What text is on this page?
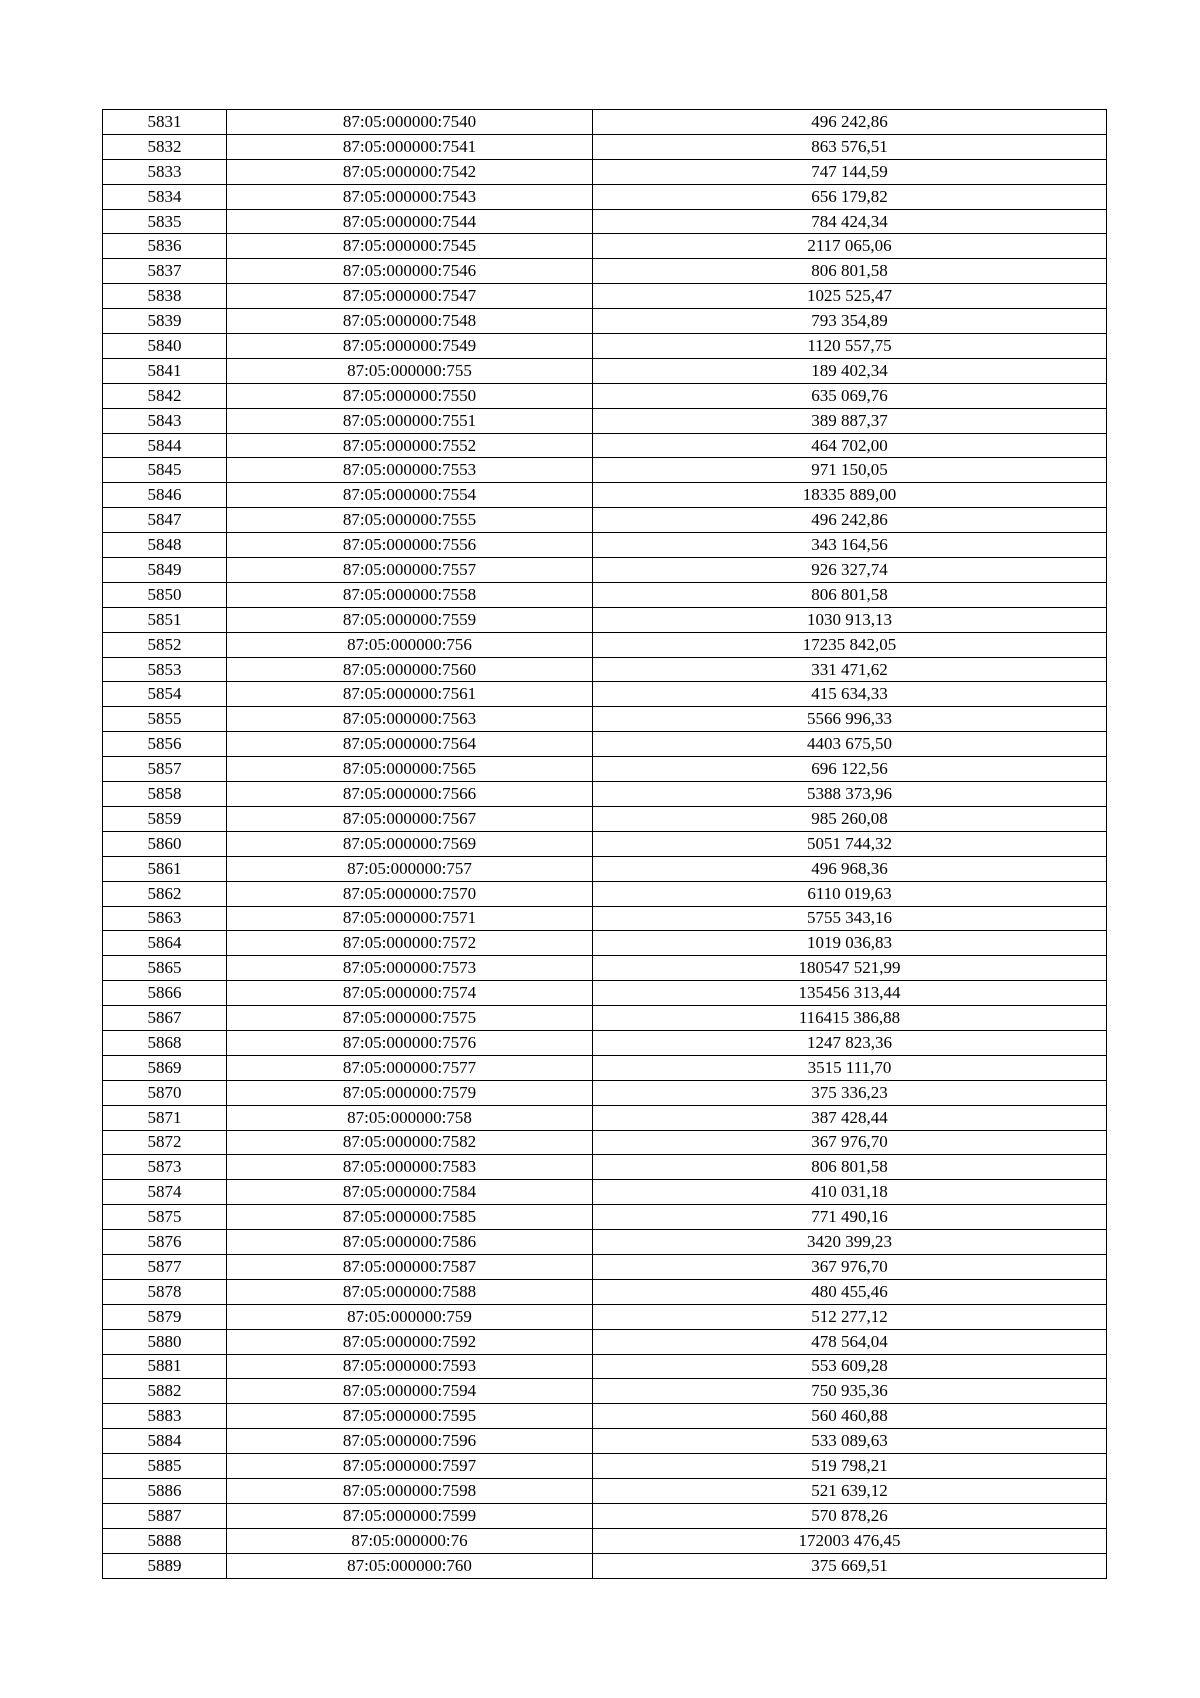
5831	87:05:000000:7540	496 242,86
5832	87:05:000000:7541	863 576,51
5833	87:05:000000:7542	747 144,59
5834	87:05:000000:7543	656 179,82
5835	87:05:000000:7544	784 424,34
5836	87:05:000000:7545	2117 065,06
5837	87:05:000000:7546	806 801,58
5838	87:05:000000:7547	1025 525,47
5839	87:05:000000:7548	793 354,89
5840	87:05:000000:7549	1120 557,75
5841	87:05:000000:755	189 402,34
5842	87:05:000000:7550	635 069,76
5843	87:05:000000:7551	389 887,37
5844	87:05:000000:7552	464 702,00
5845	87:05:000000:7553	971 150,05
5846	87:05:000000:7554	18335 889,00
5847	87:05:000000:7555	496 242,86
5848	87:05:000000:7556	343 164,56
5849	87:05:000000:7557	926 327,74
5850	87:05:000000:7558	806 801,58
5851	87:05:000000:7559	1030 913,13
5852	87:05:000000:756	17235 842,05
5853	87:05:000000:7560	331 471,62
5854	87:05:000000:7561	415 634,33
5855	87:05:000000:7563	5566 996,33
5856	87:05:000000:7564	4403 675,50
5857	87:05:000000:7565	696 122,56
5858	87:05:000000:7566	5388 373,96
5859	87:05:000000:7567	985 260,08
5860	87:05:000000:7569	5051 744,32
5861	87:05:000000:757	496 968,36
5862	87:05:000000:7570	6110 019,63
5863	87:05:000000:7571	5755 343,16
5864	87:05:000000:7572	1019 036,83
5865	87:05:000000:7573	180547 521,99
5866	87:05:000000:7574	135456 313,44
5867	87:05:000000:7575	116415 386,88
5868	87:05:000000:7576	1247 823,36
5869	87:05:000000:7577	3515 111,70
5870	87:05:000000:7579	375 336,23
5871	87:05:000000:758	387 428,44
5872	87:05:000000:7582	367 976,70
5873	87:05:000000:7583	806 801,58
5874	87:05:000000:7584	410 031,18
5875	87:05:000000:7585	771 490,16
5876	87:05:000000:7586	3420 399,23
5877	87:05:000000:7587	367 976,70
5878	87:05:000000:7588	480 455,46
5879	87:05:000000:759	512 277,12
5880	87:05:000000:7592	478 564,04
5881	87:05:000000:7593	553 609,28
5882	87:05:000000:7594	750 935,36
5883	87:05:000000:7595	560 460,88
5884	87:05:000000:7596	533 089,63
5885	87:05:000000:7597	519 798,21
5886	87:05:000000:7598	521 639,12
5887	87:05:000000:7599	570 878,26
5888	87:05:000000:76	172003 476,45
5889	87:05:000000:760	375 669,51
